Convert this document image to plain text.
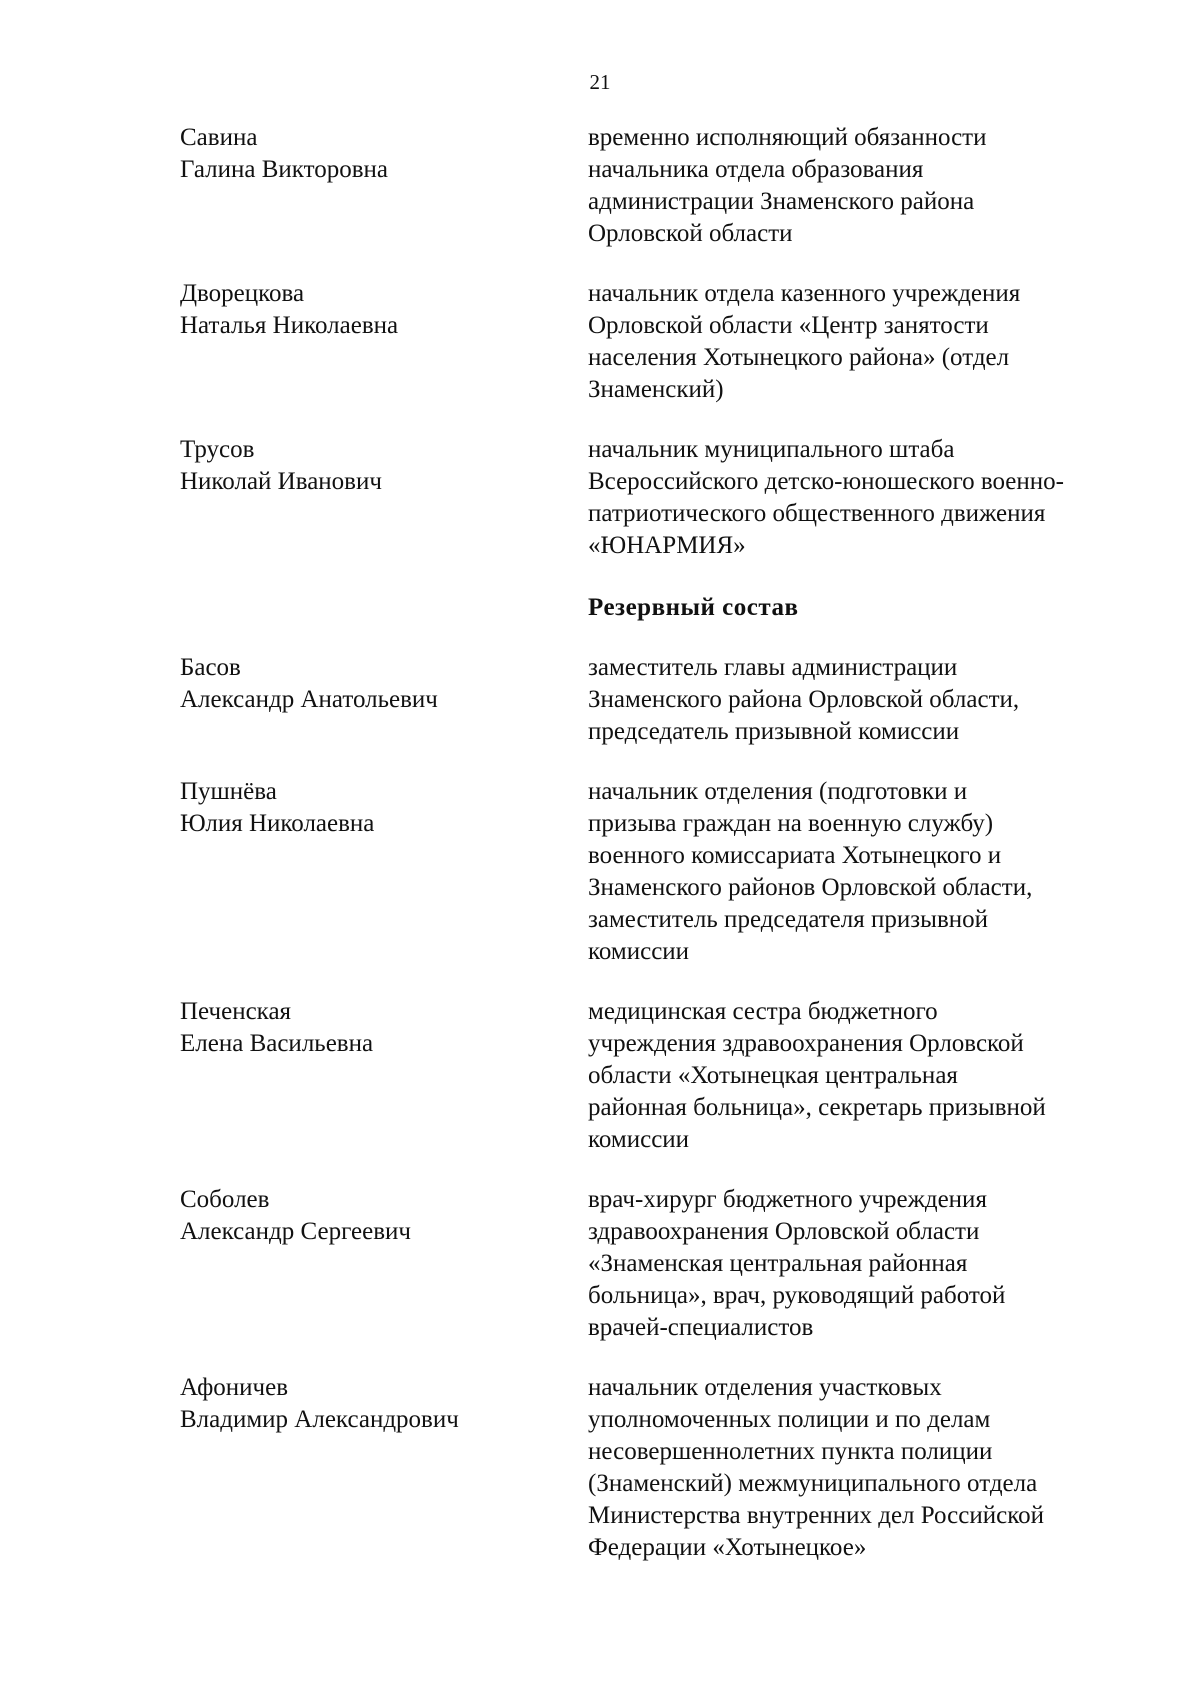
21
Савина
Галина Викторовна
временно исполняющий обязанности
начальника отдела образования
администрации Знаменского района
Орловской области
Дворецкова
Наталья Николаевна
начальник отдела казенного учреждения
Орловской области «Центр занятости
населения Хотынецкого района» (отдел
Знаменский)
Трусов
Николай Иванович
начальник муниципального штаба
Всероссийского детско-юношеского военно-
патриотического общественного движения
«ЮНАРМИЯ»
Резервный состав
Басов
Александр Анатольевич
заместитель главы администрации
Знаменского района Орловской области,
председатель призывной комиссии
Пушнёва
Юлия Николаевна
начальник отделения (подготовки и
призыва граждан на военную службу)
военного комиссариата Хотынецкого и
Знаменского районов Орловской области,
заместитель председателя призывной
комиссии
Печенская
Елена Васильевна
медицинская сестра бюджетного
учреждения здравоохранения Орловской
области «Хотынецкая центральная
районная больница», секретарь призывной
комиссии
Соболев
Александр Сергеевич
врач-хирург бюджетного учреждения
здравоохранения Орловской области
«Знаменская центральная районная
больница», врач, руководящий работой
врачей-специалистов
Афоничев
Владимир Александрович
начальник отделения участковых
уполномоченных полиции и по делам
несовершеннолетних пункта полиции
(Знаменский) межмуниципального отдела
Министерства внутренних дел Российской
Федерации «Хотынецкое»
